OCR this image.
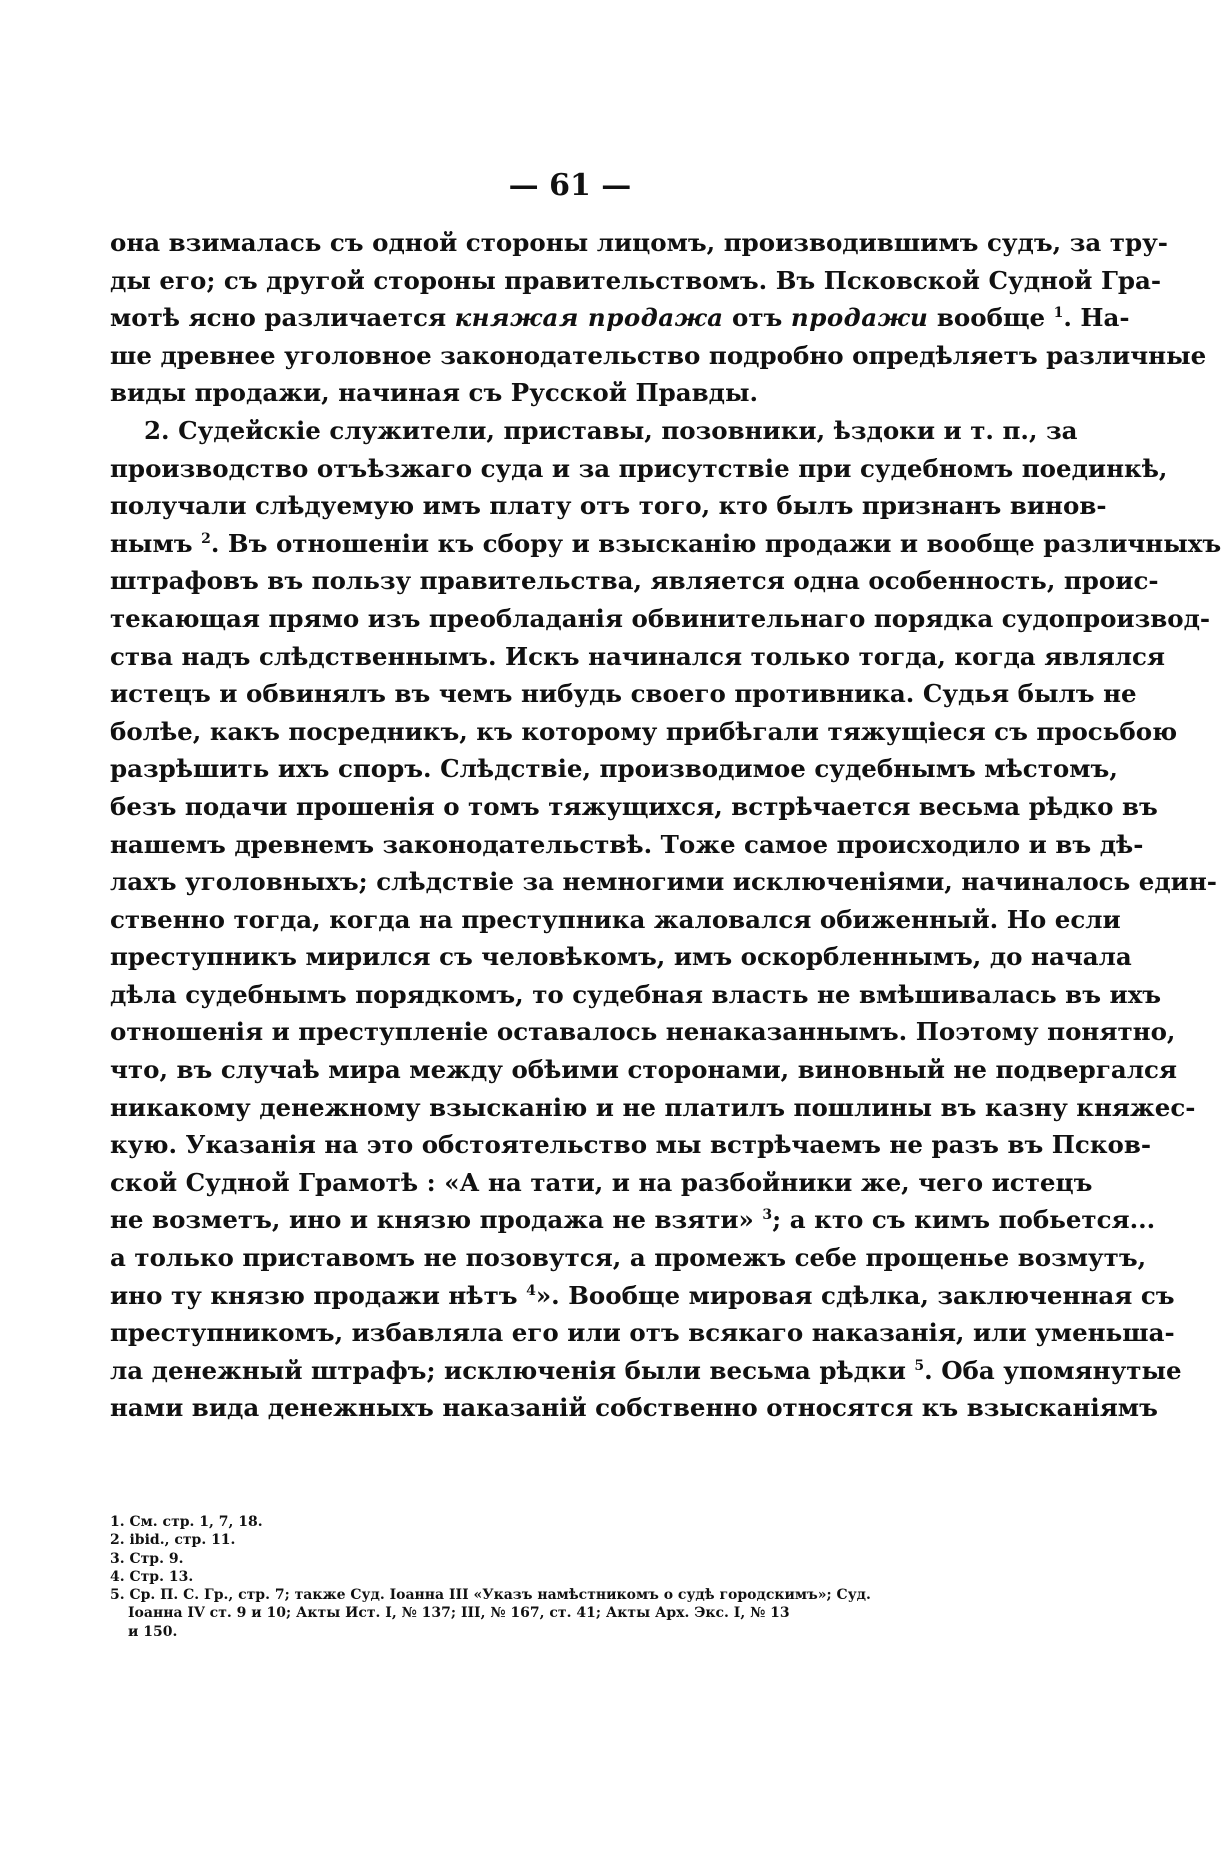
— 61 —
она взималась съ одной стороны лицомъ, производившимъ судъ, за тру-
ды его; съ другой стороны правительствомъ. Въ Псковской Судной Гра-
мотѣ ясно различается княжая продажа отъ продажи вообще $^1$. На-
ше древнее уголовное законодательство подробно опредѣляетъ различные
виды продажи, начиная съ Русской Правды.
2. Судейскіе служители, приставы, позовники, ѣздоки и т. п., за
производство отъѣзжаго суда и за присутствіе при судебномъ поединкѣ,
получали слѣдуемую имъ плату отъ того, кто былъ признанъ винов-
нымъ $^2$. Въ отношеніи къ сбору и взысканію продажи и вообще различныхъ
штрафовъ въ пользу правительства, является одна особенность, проис-
текающая прямо изъ преобладанія обвинительнаго порядка судопроизвод-
ства надъ слѣдственнымъ. Искъ начинался только тогда, когда являлся
истецъ и обвинялъ въ чемъ нибудь своего противника. Судья былъ не
болѣе, какъ посредникъ, къ которому прибѣгали тяжущіеся съ просьбою
разрѣшить ихъ споръ. Слѣдствіе, производимое судебнымъ мѣстомъ,
безъ подачи прошенія о томъ тяжущихся, встрѣчается весьма рѣдко въ
нашемъ древнемъ законодательствѣ. Тоже самое происходило и въ дѣ-
лахъ уголовныхъ; слѣдствіе за немногими исключеніями, начиналось един-
ственно тогда, когда на преступника жаловался обиженный. Но если
преступникъ мирился съ человѣкомъ, имъ оскорбленнымъ, до начала
дѣла судебнымъ порядкомъ, то судебная власть не вмѣшивалась въ ихъ
отношенія и преступленіе оставалось ненаказаннымъ. Поэтому понятно,
что, въ случаѣ мира между обѣими сторонами, виновный не подвергался
никакому денежному взысканію и не платилъ пошлины въ казну княжес-
кую. Указанія на это обстоятельство мы встрѣчаемъ не разъ въ Псков-
ской Судной Грамотѣ : «А на тати, и на разбойники же, чего истецъ
не возметъ, ино и князю продажа не взяти» $^3$; а кто съ кимъ побьется...
а только приставомъ не позовутся, а промежъ себе прощенье возмутъ,
ино ту князю продажи нѣтъ $^4$». Вообще мировая сдѣлка, заключенная съ
преступникомъ, избавляла его или отъ всякаго наказанія, или уменьша-
ла денежный штрафъ; исключенія были весьма рѣдки $^5$. Оба упомянутые
нами вида денежныхъ наказаній собственно относятся къ взысканіямъ
1. См. стр. 1, 7, 18.
2. ibid., стр. 11.
3. Стр. 9.
4. Стр. 13.
5. Ср. П. С. Гр., стр. 7; также Суд. Іоанна III «Указъ намѣстникомъ о судѣ городскимъ»; Суд.
Іоанна IV ст. 9 и 10; Акты Ист. I, № 137; III, № 167, ст. 41; Акты Арх. Экс. I, № 13
и 150.
